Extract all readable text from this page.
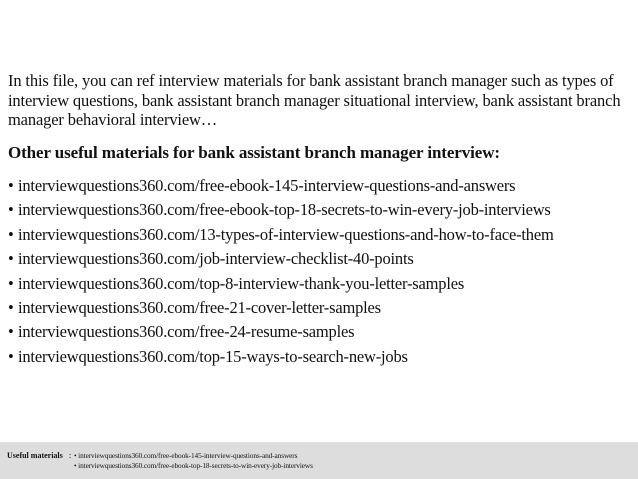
In this file, you can ref interview materials for bank assistant branch manager such as types of interview questions, bank assistant branch manager situational interview, bank assistant branch manager behavioral interview…

Other useful materials for bank assistant branch manager interview:
• interviewquestions360.com/free-ebook-145-interview-questions-and-answers
• interviewquestions360.com/free-ebook-top-18-secrets-to-win-every-job-interviews
• interviewquestions360.com/13-types-of-interview-questions-and-how-to-face-them
• interviewquestions360.com/job-interview-checklist-40-points
• interviewquestions360.com/top-8-interview-thank-you-letter-samples
• interviewquestions360.com/free-21-cover-letter-samples
• interviewquestions360.com/free-24-resume-samples
• interviewquestions360.com/top-15-ways-to-search-new-jobs
Useful materials : • interviewquestions360.com/free-ebook-145-interview-questions-and-answers
• interviewquestions360.com/free-ebook-top-18-secrets-to-win-every-job-interviews
